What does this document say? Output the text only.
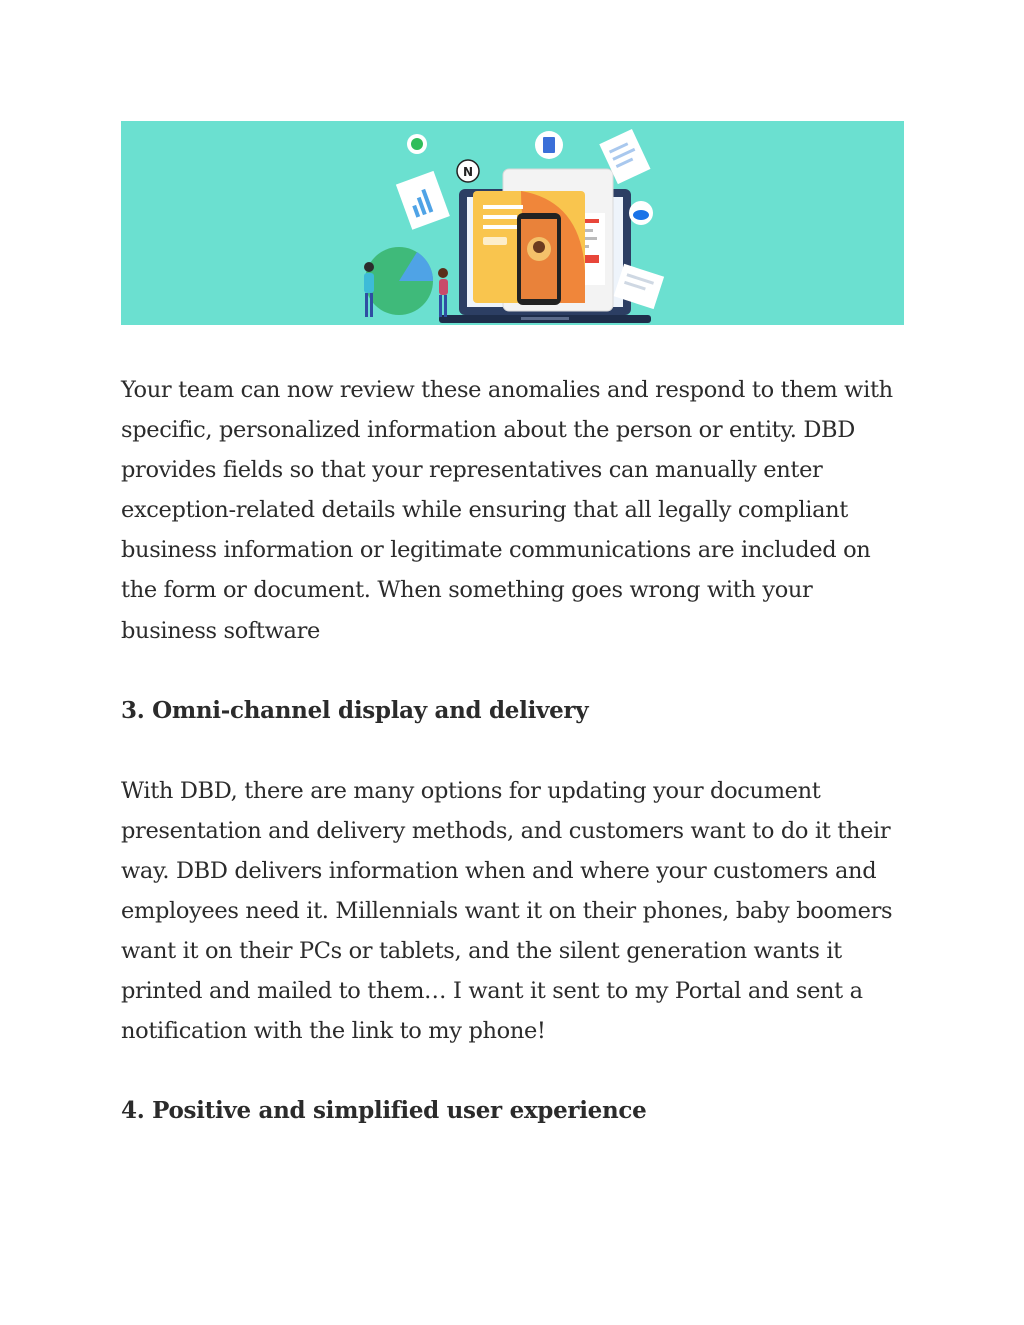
N

Your team can now review these anomalies and respond to them with specific, personalized information about the person or entity. DBD provides fields so that your representatives can manually enter exception-related details while ensuring that all legally compliant business information or legitimate communications are included on the form or document. When something goes wrong with your business software

3. Omni-channel display and delivery

With DBD, there are many options for updating your document presentation and delivery methods, and customers want to do it their way. DBD delivers information when and where your customers and employees need it. Millennials want it on their phones, baby boomers want it on their PCs or tablets, and the silent generation wants it printed and mailed to them… I want it sent to my Portal and sent a notification with the link to my phone!

4. Positive and simplified user experience
